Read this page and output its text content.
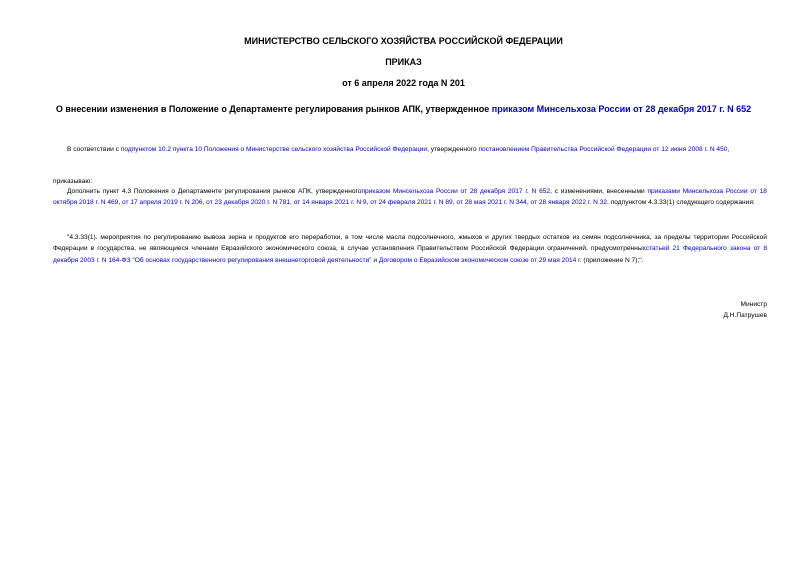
МИНИСТЕРСТВО СЕЛЬСКОГО ХОЗЯЙСТВА РОССИЙСКОЙ ФЕДЕРАЦИИ
ПРИКАЗ
от 6 апреля 2022 года N 201
О внесении изменения в Положение о Департаменте регулирования рынков АПК, утвержденное приказом Минсельхоза России от 28 декабря 2017 г. N 652
В соответствии с подпунктом 10.2 пункта 10 Положения о Министерстве сельского хозяйства Российской Федерации, утвержденного постановлением Правительства Российской Федерации от 12 июня 2008 г. N 450,
приказываю:
Дополнить пункт 4.3 Положения о Департаменте регулирования рынков АПК, утвержденногоприказом Минсельхоза России от 28 декабря 2017 г. N 652, с изменениями, внесенными приказами Минсельхоза России от 18 октября 2018 г. N 469, от 17 апреля 2019 г. N 206, от 23 декабря 2020 г. N 781, от 14 января 2021 г. N 9, от 24 февраля 2021 г. N 89, от 28 мая 2021 г. N 344, от 28 января 2022 г. N 32, подпунктом 4.3.33(1) следующего содержания:
"4.3.33(1). мероприятия по регулированию вывоза зерна и продуктов его переработки, в том числе масла подсолнечного, жмыхов и других твердых остатков из семян подсолнечника, за пределы территории Российской Федерации в государства, не являющиеся членами Евразийского экономического союза, в случае установления Правительством Российской Федерации ограничений, предусмотренныхстатьей 21 Федерального закона от 8 декабря 2003 г. N 164-ФЗ "Об основах государственного регулирования внешнеторговой деятельности" и Договором о Евразийском экономическом союзе от 29 мая 2014 г. (приложение N 7);".
Министр
Д.Н.Патрушев
